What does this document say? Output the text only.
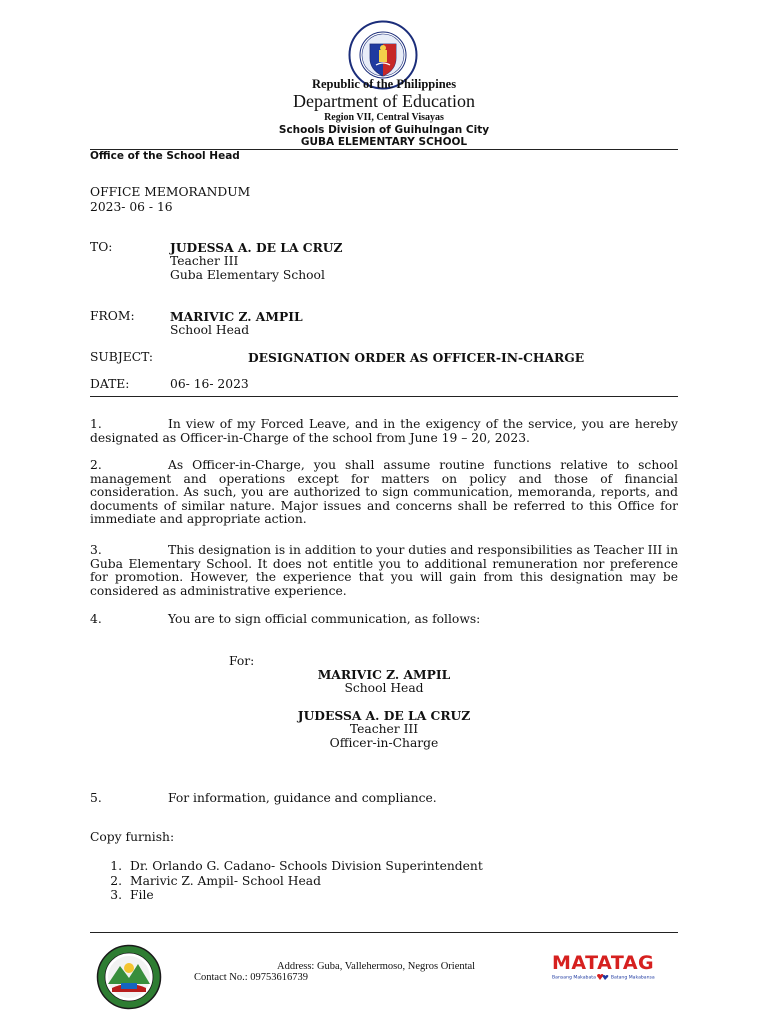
Republic of the Philippines
Department of Education
Region VII, Central Visayas
Schools Division of Guihulngan City
GUBA ELEMENTARY SCHOOL
Office of the School Head
OFFICE MEMORANDUM
2023- 06 - 16
TO:	JUDESSA A. DE LA CRUZ
Teacher III
Guba Elementary School
FROM:	MARIVIC Z. AMPIL
School Head
SUBJECT:	DESIGNATION ORDER AS OFFICER-IN-CHARGE
DATE:	06- 16- 2023
1.	In view of my Forced Leave, and in the exigency of the service, you are hereby designated as Officer-in-Charge of the school from June 19 – 20, 2023.
2.	As Officer-in-Charge, you shall assume routine functions relative to school management and operations except for matters on policy and those of financial consideration. As such, you are authorized to sign communication, memoranda, reports, and documents of similar nature. Major issues and concerns shall be referred to this Office for immediate and appropriate action.
3.	This designation is in addition to your duties and responsibilities as Teacher III in Guba Elementary School. It does not entitle you to additional remuneration nor preference for promotion. However, the experience that you will gain from this designation may be considered as administrative experience.
4.	You are to sign official communication, as follows:
For:
MARIVIC Z. AMPIL
School Head
JUDESSA A. DE LA CRUZ
Teacher III
Officer-in-Charge
5.	For information, guidance and compliance.
Copy furnish:
1. Dr. Orlando G. Cadano- Schools Division Superintendent
2. Marivic Z. Ampil- School Head
3. File
Address: Guba, Vallehermoso, Negros Oriental
Contact No.: 09753616739
MATATAG
Bansang Makabata	Batang Makabansa
